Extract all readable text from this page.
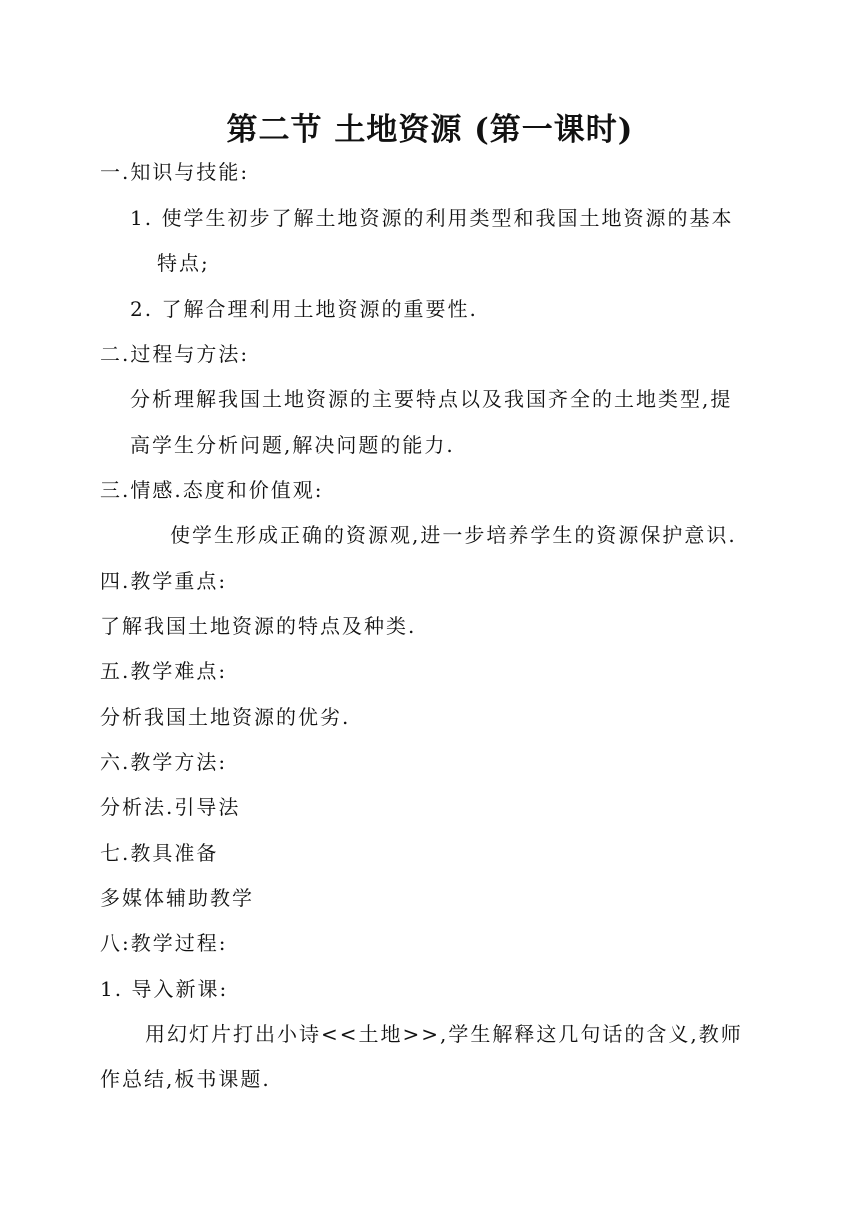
第二节 土地资源 (第一课时)
一.知识与技能:
1. 使学生初步了解土地资源的利用类型和我国土地资源的基本
特点;
2. 了解合理利用土地资源的重要性.
二.过程与方法:
分析理解我国土地资源的主要特点以及我国齐全的土地类型,提
高学生分析问题,解决问题的能力.
三.情感.态度和价值观:
使学生形成正确的资源观,进一步培养学生的资源保护意识.
四.教学重点:
了解我国土地资源的特点及种类.
五.教学难点:
分析我国土地资源的优劣.
六.教学方法:
分析法.引导法
七.教具准备
多媒体辅助教学
八:教学过程:
1. 导入新课:
用幻灯片打出小诗<<土地>>,学生解释这几句话的含义,教师
作总结,板书课题.
